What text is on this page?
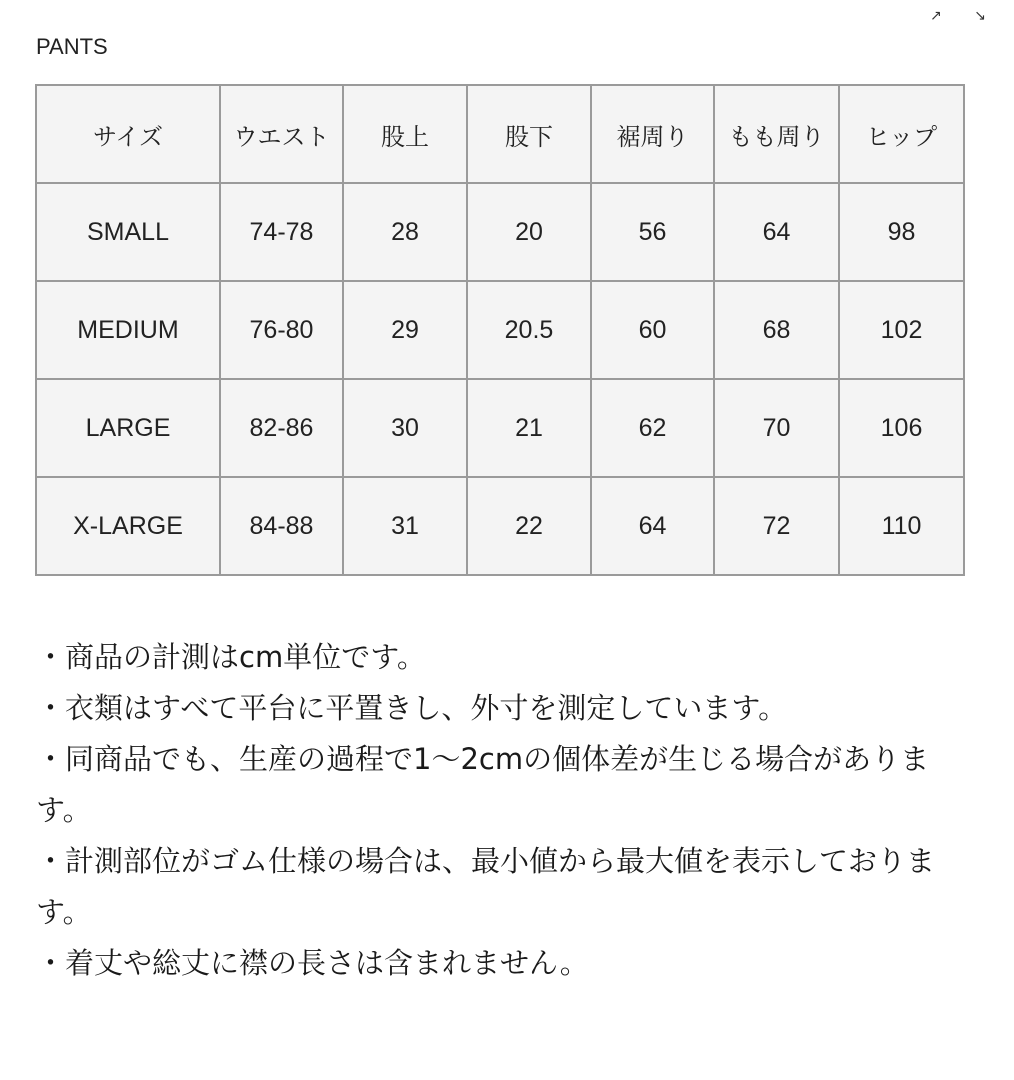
↗ ↘
PANTS
サイズ	ウエスト	股上	股下	裾周り	もも周り	ヒップ
SMALL	74-78	28	20	56	64	98
MEDIUM	76-80	29	20.5	60	68	102
LARGE	82-86	30	21	62	70	106
X-LARGE	84-88	31	22	64	72	110

・商品の計測はcm単位です。

・衣類はすべて平台に平置きし、外寸を測定しています。

・同商品でも、生産の過程で1〜2cmの個体差が生じる場合があります。

・計測部位がゴム仕様の場合は、最小値から最大値を表示しております。

・着丈や総丈に襟の長さは含まれません。
